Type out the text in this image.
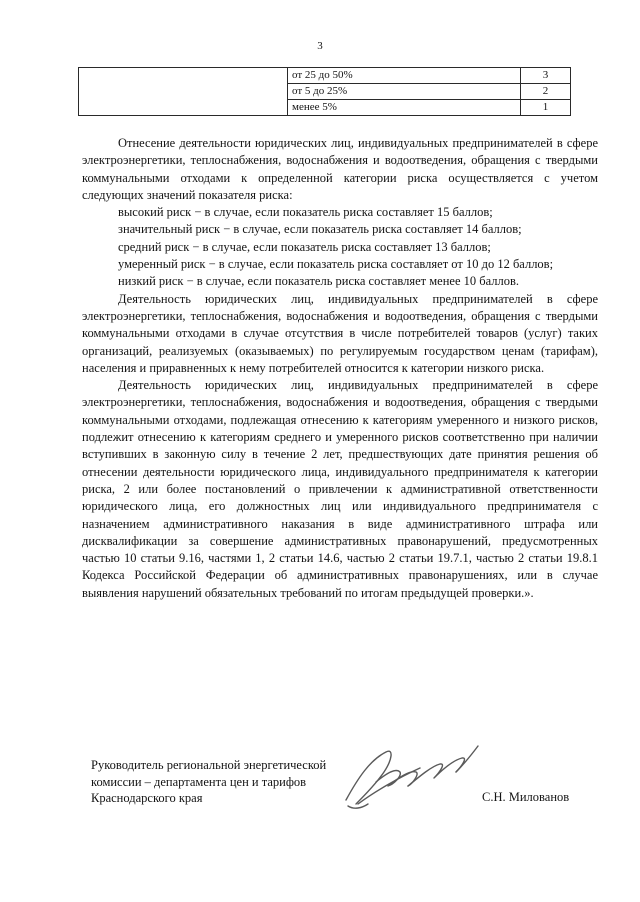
3
	от 25 до 50%	3
	от 5 до 25%	2
	менее 5%	1

Отнесение деятельности юридических лиц, индивидуальных предпринимателей в сфере электроэнергетики, теплоснабжения, водоснабжения и водоотведения, обращения с твердыми коммунальными отходами к определенной категории риска осуществляется с учетом следующих значений показателя риска:

высокий риск − в случае, если показатель риска составляет 15 баллов;

значительный риск − в случае, если показатель риска составляет 14 баллов;

средний риск − в случае, если показатель риска составляет 13 баллов;

умеренный риск − в случае, если показатель риска составляет от 10 до 12 баллов;

низкий риск − в случае, если показатель риска составляет менее 10 баллов.

Деятельность юридических лиц, индивидуальных предпринимателей в сфере электроэнергетики, теплоснабжения, водоснабжения и водоотведения, обращения с твердыми коммунальными отходами в случае отсутствия в числе потребителей товаров (услуг) таких организаций, реализуемых (оказываемых) по регулируемым государством ценам (тарифам), населения и приравненных к нему потребителей относится к категории низкого риска.

Деятельность юридических лиц, индивидуальных предпринимателей в сфере электроэнергетики, теплоснабжения, водоснабжения и водоотведения, обращения с твердыми коммунальными отходами, подлежащая отнесению к категориям умеренного и низкого рисков, подлежит отнесению к категориям среднего и умеренного рисков соответственно при наличии вступивших в законную силу в течение 2 лет, предшествующих дате принятия решения об отнесении деятельности юридического лица, индивидуального предпринимателя к категории риска, 2 или более постановлений о привлечении к административной ответственности юридического лица, его должностных лиц или индивидуального предпринимателя с назначением административного наказания в виде административного штрафа или дисквалификации за совершение административных правонарушений, предусмотренных частью 10 статьи 9.16, частями 1, 2 статьи 14.6, частью 2 статьи 19.7.1, частью 2 статьи 19.8.1 Кодекса Российской Федерации об административных правонарушениях, или в случае выявления нарушений обязательных требований по итогам предыдущей проверки.».

Руководитель региональной энергетической
комиссии – департамента цен и тарифов
Краснодарского края	С.Н. Милованов
